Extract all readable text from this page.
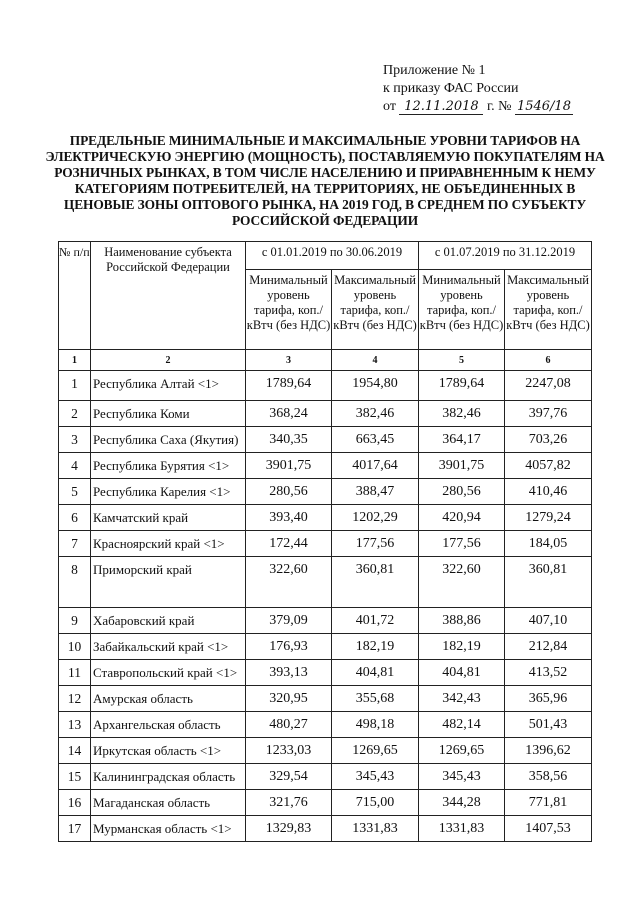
Приложение № 1
к приказу ФАС России
от 12.11.2018 г. № 1546/18
ПРЕДЕЛЬНЫЕ МИНИМАЛЬНЫЕ И МАКСИМАЛЬНЫЕ УРОВНИ ТАРИФОВ НА ЭЛЕКТРИЧЕСКУЮ ЭНЕРГИЮ (МОЩНОСТЬ), ПОСТАВЛЯЕМУЮ ПОКУПАТЕЛЯМ НА РОЗНИЧНЫХ РЫНКАХ, В ТОМ ЧИСЛЕ НАСЕЛЕНИЮ И ПРИРАВНЕННЫМ К НЕМУ КАТЕГОРИЯМ ПОТРЕБИТЕЛЕЙ, НА ТЕРРИТОРИЯХ, НЕ ОБЪЕДИНЕННЫХ В ЦЕНОВЫЕ ЗОНЫ ОПТОВОГО РЫНКА, НА 2019 ГОД, В СРЕДНЕМ ПО СУБЪЕКТУ РОССИЙСКОЙ ФЕДЕРАЦИИ
№ п/п	Наименование субъекта Российской Федерации	с 01.01.2019 по 30.06.2019		с 01.07.2019 по 31.12.2019	
		Минимальный уровень тарифа, коп./кВтч (без НДС)	Максимальный уровень тарифа, коп./кВтч (без НДС)	Минимальный уровень тарифа, коп./кВтч (без НДС)	Максимальный уровень тарифа, коп./кВтч (без НДС)
1	2	3	4	5	6
1	Республика Алтай <1>	1789,64	1954,80	1789,64	2247,08
2	Республика Коми	368,24	382,46	382,46	397,76
3	Республика Саха (Якутия)	340,35	663,45	364,17	703,26
4	Республика Бурятия <1>	3901,75	4017,64	3901,75	4057,82
5	Республика Карелия <1>	280,56	388,47	280,56	410,46
6	Камчатский край	393,40	1202,29	420,94	1279,24
7	Красноярский край <1>	172,44	177,56	177,56	184,05
8	Приморский край	322,60	360,81	322,60	360,81
9	Хабаровский край	379,09	401,72	388,86	407,10
10	Забайкальский край <1>	176,93	182,19	182,19	212,84
11	Ставропольский край <1>	393,13	404,81	404,81	413,52
12	Амурская область	320,95	355,68	342,43	365,96
13	Архангельская область	480,27	498,18	482,14	501,43
14	Иркутская область <1>	1233,03	1269,65	1269,65	1396,62
15	Калининградская область	329,54	345,43	345,43	358,56
16	Магаданская область	321,76	715,00	344,28	771,81
17	Мурманская область <1>	1329,83	1331,83	1331,83	1407,53
